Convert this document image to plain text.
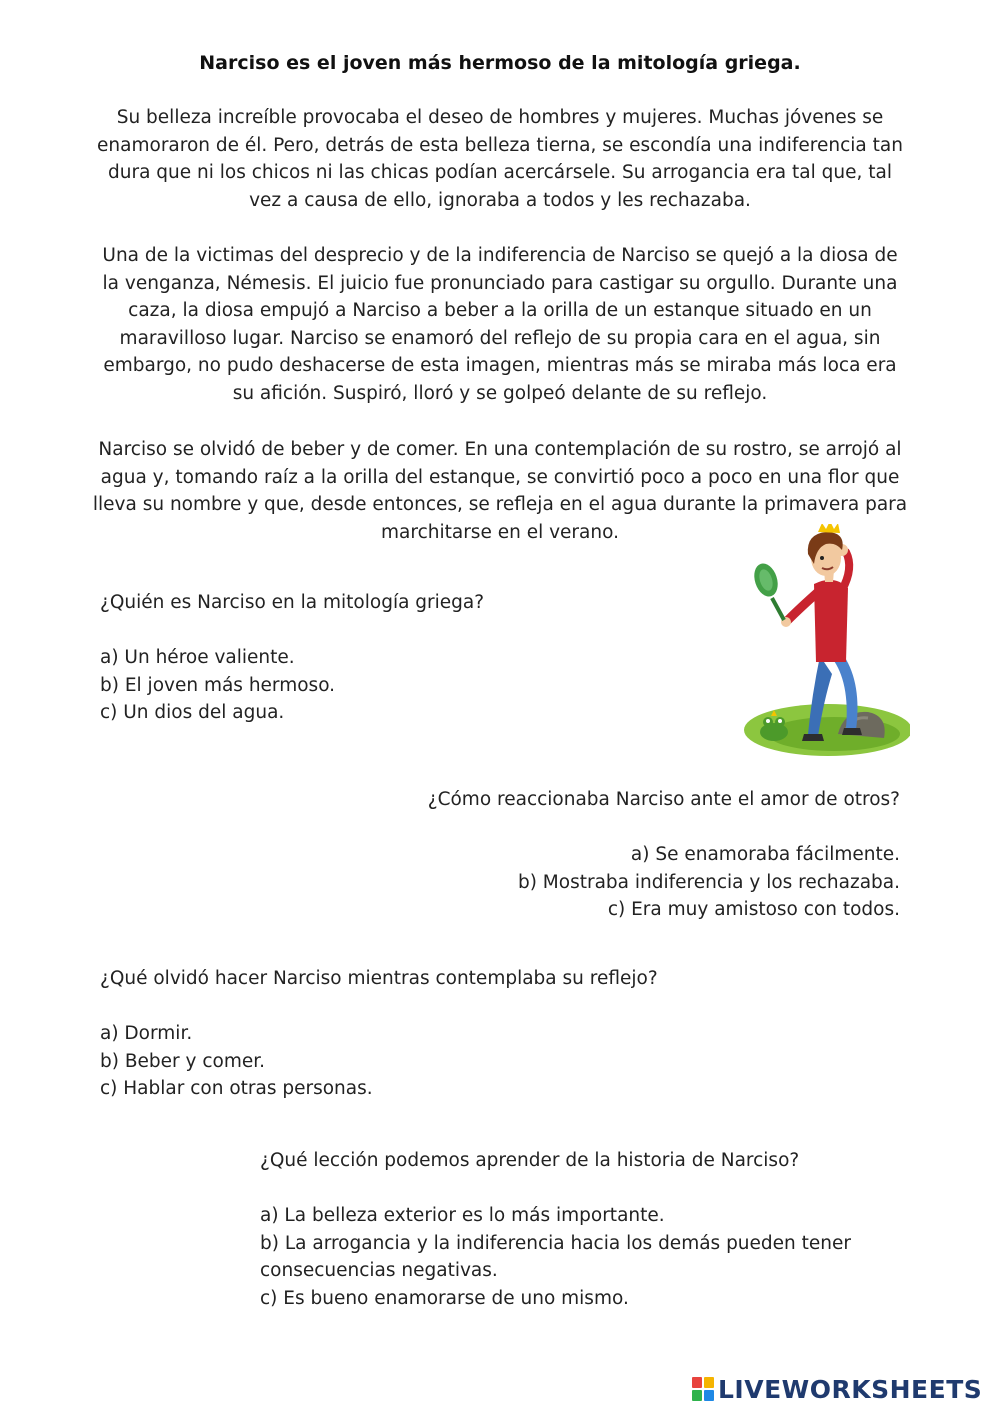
Narciso es el joven más hermoso de la mitología griega.
Su belleza increíble provocaba el deseo de hombres y mujeres. Muchas jóvenes se
enamoraron de él. Pero, detrás de esta belleza tierna, se escondía una indiferencia tan
dura que ni los chicos ni las chicas podían acercársele. Su arrogancia era tal que, tal
vez a causa de ello, ignoraba a todos y les rechazaba.
Una de la victimas del desprecio y de la indiferencia de Narciso se quejó a la diosa de
la venganza, Némesis. El juicio fue pronunciado para castigar su orgullo. Durante una
caza, la diosa empujó a Narciso a beber a la orilla de un estanque situado en un
maravilloso lugar. Narciso se enamoró del reflejo de su propia cara en el agua, sin
embargo, no pudo deshacerse de esta imagen, mientras más se miraba más loca era
su afición. Suspiró, lloró y se golpeó delante de su reflejo.
Narciso se olvidó de beber y de comer. En una contemplación de su rostro, se arrojó al
agua y, tomando raíz a la orilla del estanque, se convirtió poco a poco en una flor que
lleva su nombre y que, desde entonces, se refleja en el agua durante la primavera para
marchitarse en el verano.
¿Quién es Narciso en la mitología griega?
a) Un héroe valiente.
b) El joven más hermoso.
c) Un dios del agua.
¿Cómo reaccionaba Narciso ante el amor de otros?
a) Se enamoraba fácilmente.
b) Mostraba indiferencia y los rechazaba.
c) Era muy amistoso con todos.
¿Qué olvidó hacer Narciso mientras contemplaba su reflejo?
a) Dormir.
b) Beber y comer.
c) Hablar con otras personas.
¿Qué lección podemos aprender de la historia de Narciso?
a) La belleza exterior es lo más importante.
b) La arrogancia y la indiferencia hacia los demás pueden tener
consecuencias negativas.
c) Es bueno enamorarse de uno mismo.
LIVEWORKSHEETS
